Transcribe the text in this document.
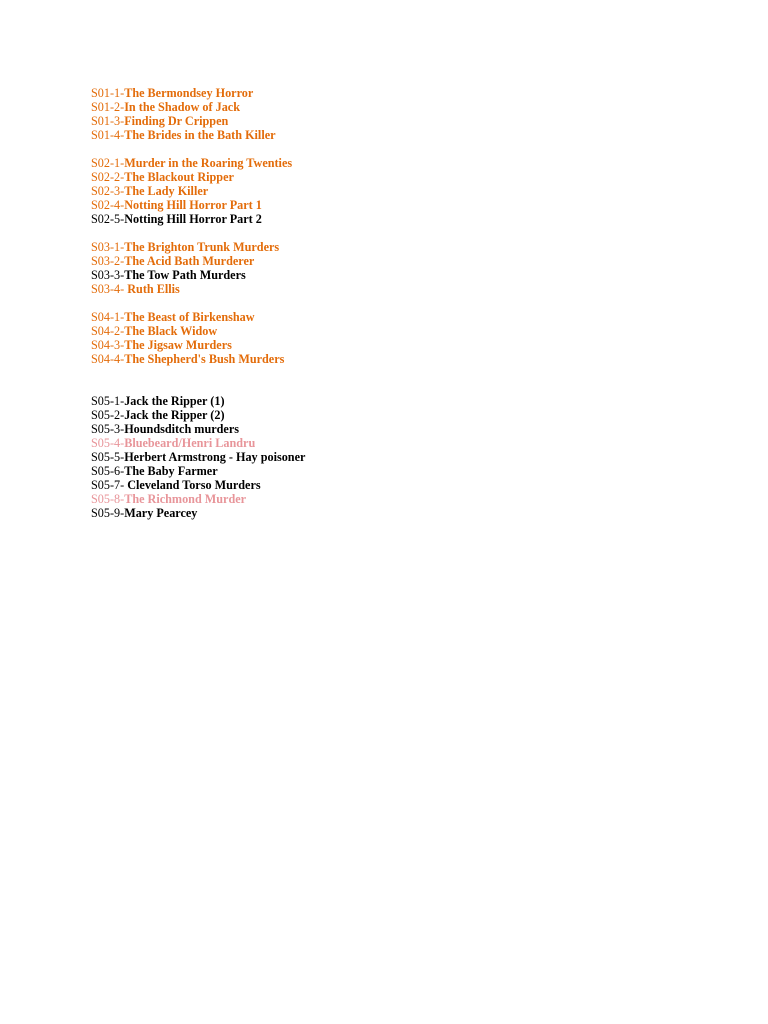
S01-1-The Bermondsey Horror
S01-2-In the Shadow of Jack
S01-3-Finding Dr Crippen
S01-4-The Brides in the Bath Killer
S02-1-Murder in the Roaring Twenties
S02-2-The Blackout Ripper
S02-3-The Lady Killer
S02-4-Notting Hill Horror Part 1
S02-5-Notting Hill Horror Part 2
S03-1-The Brighton Trunk Murders
S03-2-The Acid Bath Murderer
S03-3-The Tow Path Murders
S03-4- Ruth Ellis
S04-1-The Beast of Birkenshaw
S04-2-The Black Widow
S04-3-The Jigsaw Murders
S04-4-The Shepherd's Bush Murders
S05-1-Jack the Ripper (1)
S05-2-Jack the Ripper (2)
S05-3-Houndsditch murders
S05-4-Bluebeard/Henri Landru
S05-5-Herbert Armstrong - Hay poisoner
S05-6-The Baby Farmer
S05-7- Cleveland Torso Murders
S05-8-The Richmond Murder
S05-9-Mary Pearcey
